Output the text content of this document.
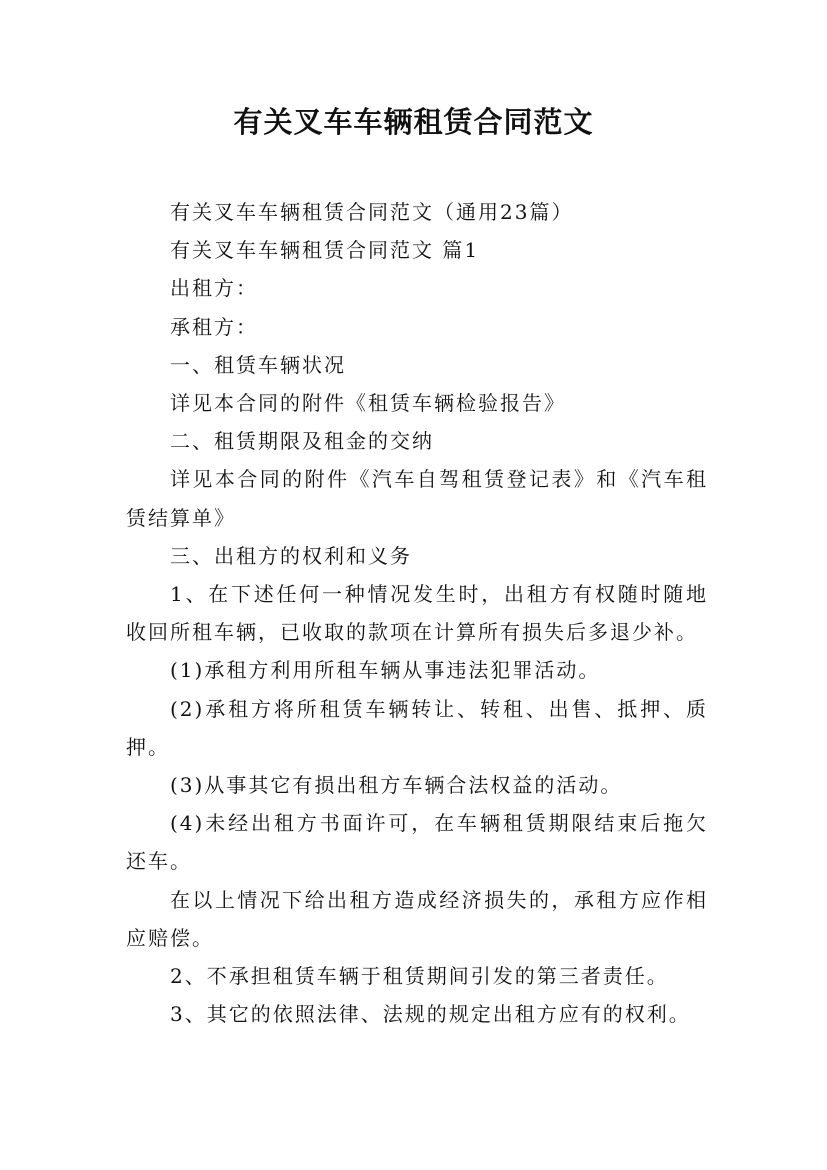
有关叉车车辆租赁合同范文

有关叉车车辆租赁合同范文（通用23篇）

有关叉车车辆租赁合同范文 篇1

出租方：

承租方：

一、租赁车辆状况

详见本合同的附件《租赁车辆检验报告》

二、租赁期限及租金的交纳

详见本合同的附件《汽车自驾租赁登记表》和《汽车租赁结算单》

三、出租方的权利和义务

1、在下述任何一种情况发生时，出租方有权随时随地收回所租车辆，已收取的款项在计算所有损失后多退少补。

(1)承租方利用所租车辆从事违法犯罪活动。

(2)承租方将所租赁车辆转让、转租、出售、抵押、质押。

(3)从事其它有损出租方车辆合法权益的活动。

(4)未经出租方书面许可，在车辆租赁期限结束后拖欠还车。

在以上情况下给出租方造成经济损失的，承租方应作相应赔偿。

2、不承担租赁车辆于租赁期间引发的第三者责任。

3、其它的依照法律、法规的规定出租方应有的权利。
